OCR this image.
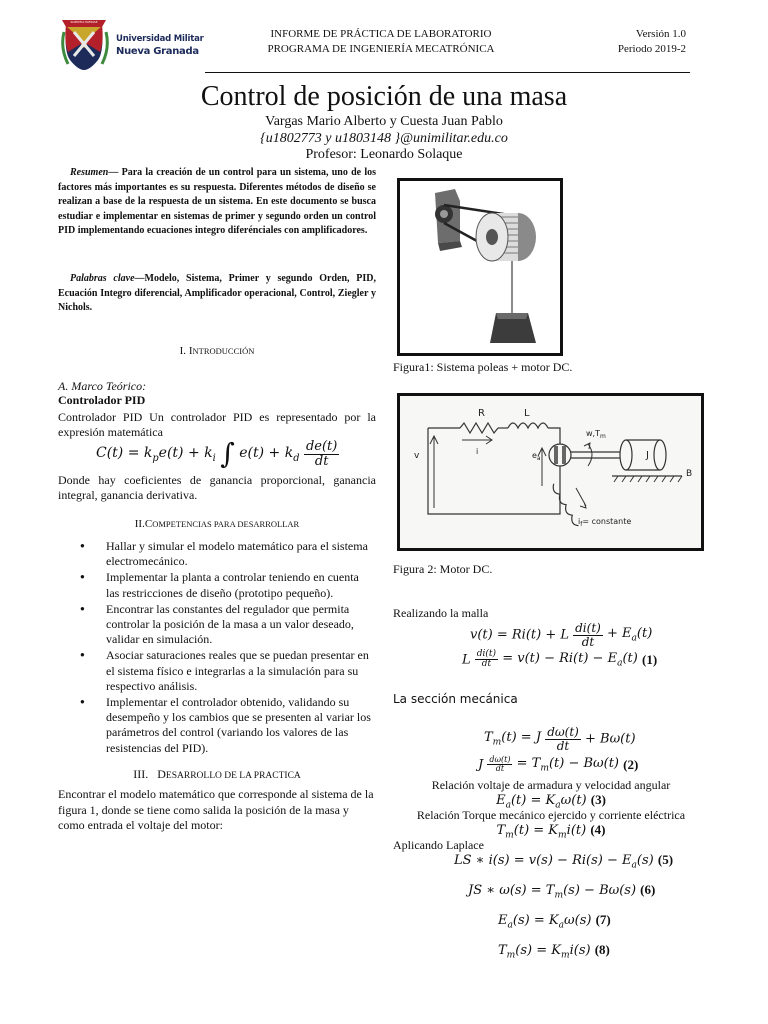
SCIENTIA PATRIAE
Universidad Militar
Nueva Granada
INFORME DE PRÁCTICA DE LABORATORIO
PROGRAMA DE INGENIERÍA MECATRÓNICA
Versión 1.0
Periodo 2019-2
Control de posición de una masa
Vargas Mario Alberto y Cuesta Juan Pablo
{u1802773 y u1803148 }@unimilitar.edu.co
Profesor: Leonardo Solaque
Resumen— Para la creación de un control para un sistema, uno de los factores más importantes es su respuesta. Diferentes métodos de diseño se realizan a base de la respuesta de un sistema. En este documento se busca estudiar e implementar en sistemas de primer y segundo orden un control PID implementando ecuaciones integro diferénciales con amplificadores.
Palabras clave—Modelo, Sistema, Primer y segundo Orden, PID, Ecuación Integro diferencial, Amplificador operacional, Control, Ziegler y Nichols.
I. INTRODUCCIÓN
A. Marco Teórico:
Controlador PID
Controlador PID Un controlador PID es representado por la expresión matemática
$C(t) = k_pe(t) + k_i$ ∫ $e(t) + k_d \frac{de(t)}{dt}$
Donde hay coeficientes de ganancia proporcional, ganancia integral, ganancia derivativa.
II.COMPETENCIAS PARA DESARROLLAR
● Hallar y simular el modelo matemático para el sistema electromecánico.
● Implementar la planta a controlar teniendo en cuenta las restricciones de diseño (prototipo pequeño).
● Encontrar las constantes del regulador que permita controlar la posición de la masa a un valor deseado, validar en simulación.
● Asociar saturaciones reales que se puedan presentar en el sistema físico e integrarlas a la simulación para su respectivo análisis.
● Implementar el controlador obtenido, validando su desempeño y los cambios que se presenten al variar los parámetros del control (variando los valores de las resistencias del PID).
III. DESARROLLO DE LA PRACTICA
Encontrar el modelo matemático que corresponde al sistema de la figura 1, donde se tiene como salida la posición de la masa y como entrada el voltaje del motor:
Figura1: Sistema poleas + motor DC.
R	L
i
v	$e_a$
$w,T_m$
J
B
$i_f=$ constante
Figura 2: Motor DC.
Realizando la malla
v(t) = Ri(t) + L $\frac{di(t)}{dt} + E_a(t)$
L $\frac{di(t)}{dt} = v(t) - Ri(t) - E_a(t)$ (1)
La sección mecánica
$T_m(t) = J \frac{d\omega(t)}{dt} + B\omega(t)$
J $\frac{d\omega(t)}{dt} = T_m(t) - B\omega(t)$ (2)
Relación voltaje de armadura y velocidad angular
$E_a(t) = K_a\omega(t)$ (3)
Relación Torque mecánico ejercido y corriente eléctrica
$T_m(t) = K_mi(t)$ (4)
Aplicando Laplace
LS ∗ $i(s) = v(s) - Ri(s) - E_a(s)$ (5)
JS ∗ $\omega(s) = T_m(s) - B\omega(s)$ (6)
$E_a(s) = K_a\omega(s)$ (7)
$T_m(s) = K_mi(s)$ (8)
